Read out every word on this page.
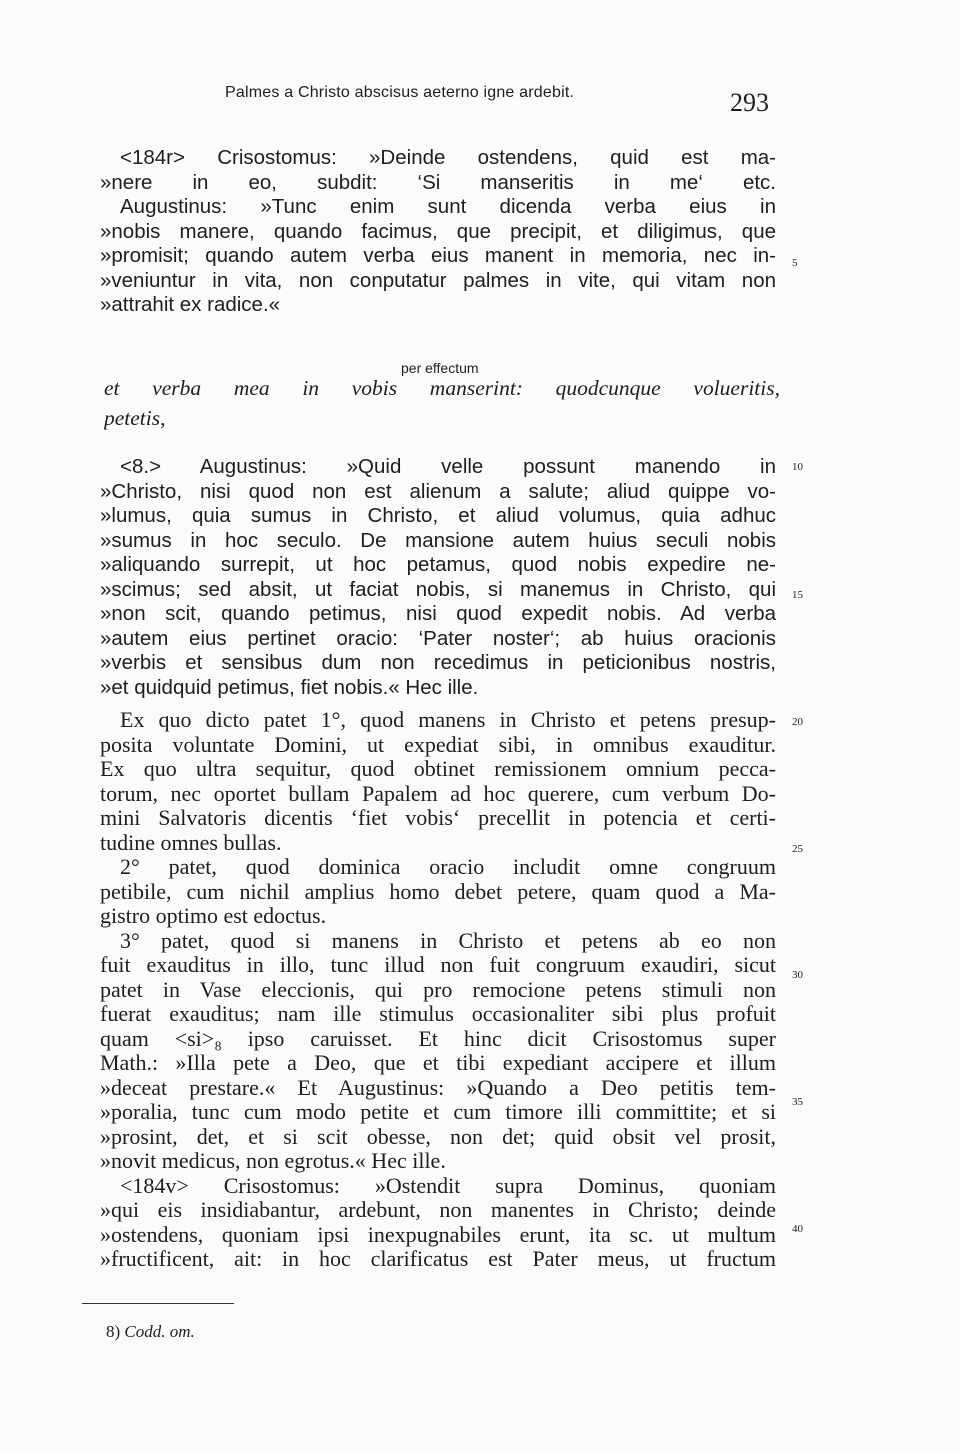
Palmes a Christo abscisus aeterno igne ardebit.	293
<184r> Crisostomus: »Deinde ostendens, quid est ma-
»nere in eo, subdit: ‘Si manseritis in me‘ etc.
Augustinus: »Tunc enim sunt dicenda verba eius in
»nobis manere, quando facimus, que precipit, et diligimus, que
»promisit; quando autem verba eius manent in memoria, nec in-
»veniuntur in vita, non conputatur palmes in vite, qui vitam non
»attrahit ex radice.«
per effectum
et verba mea in vobis manserint: quodcunque volueritis,
petetis,
<8.> Augustinus: »Quid velle possunt manendo in
»Christo, nisi quod non est alienum a salute; aliud quippe vo-
»lumus, quia sumus in Christo, et aliud volumus, quia adhuc
»sumus in hoc seculo. De mansione autem huius seculi nobis
»aliquando surrepit, ut hoc petamus, quod nobis expedire ne-
»scimus; sed absit, ut faciat nobis, si manemus in Christo, qui
»non scit, quando petimus, nisi quod expedit nobis. Ad verba
»autem eius pertinet oracio: ‘Pater noster‘; ab huius oracionis
»verbis et sensibus dum non recedimus in peticionibus nostris,
»et quidquid petimus, fiet nobis.« Hec ille.
Ex quo dicto patet 1°, quod manens in Christo et petens presup-
posita voluntate Domini, ut expediat sibi, in omnibus exauditur.
Ex quo ultra sequitur, quod obtinet remissionem omnium pecca-
torum, nec oportet bullam Papalem ad hoc querere, cum verbum Do-
mini Salvatoris dicentis ‘fiet vobis‘ precellit in potencia et certi-
tudine omnes bullas.
2° patet, quod dominica oracio includit omne congruum
petibile, cum nichil amplius homo debet petere, quam quod a Ma-
gistro optimo est edoctus.
3° patet, quod si manens in Christo et petens ab eo non
fuit exauditus in illo, tunc illud non fuit congruum exaudiri, sicut
patet in Vase eleccionis, qui pro remocione petens stimuli non
fuerat exauditus; nam ille stimulus occasionaliter sibi plus profuit
quam <si>₈ ipso caruisset. Et hinc dicit Crisostomus super
Math.: »Illa pete a Deo, que et tibi expediant accipere et illum
»deceat prestare.« Et Augustinus: »Quando a Deo petitis tem-
»poralia, tunc cum modo petite et cum timore illi committite; et si
»prosint, det, et si scit obesse, non det; quid obsit vel prosit,
»novit medicus, non egrotus.« Hec ille.
<184v> Crisostomus: »Ostendit supra Dominus, quoniam
»qui eis insidiabantur, ardebunt, non manentes in Christo; deinde
»ostendens, quoniam ipsi inexpugnabiles erunt, ita sc. ut multum
»fructificent, ait: in hoc clarificatus est Pater meus, ut fructum
5
10
15
20
25
30
35
40
8) Codd. om.
